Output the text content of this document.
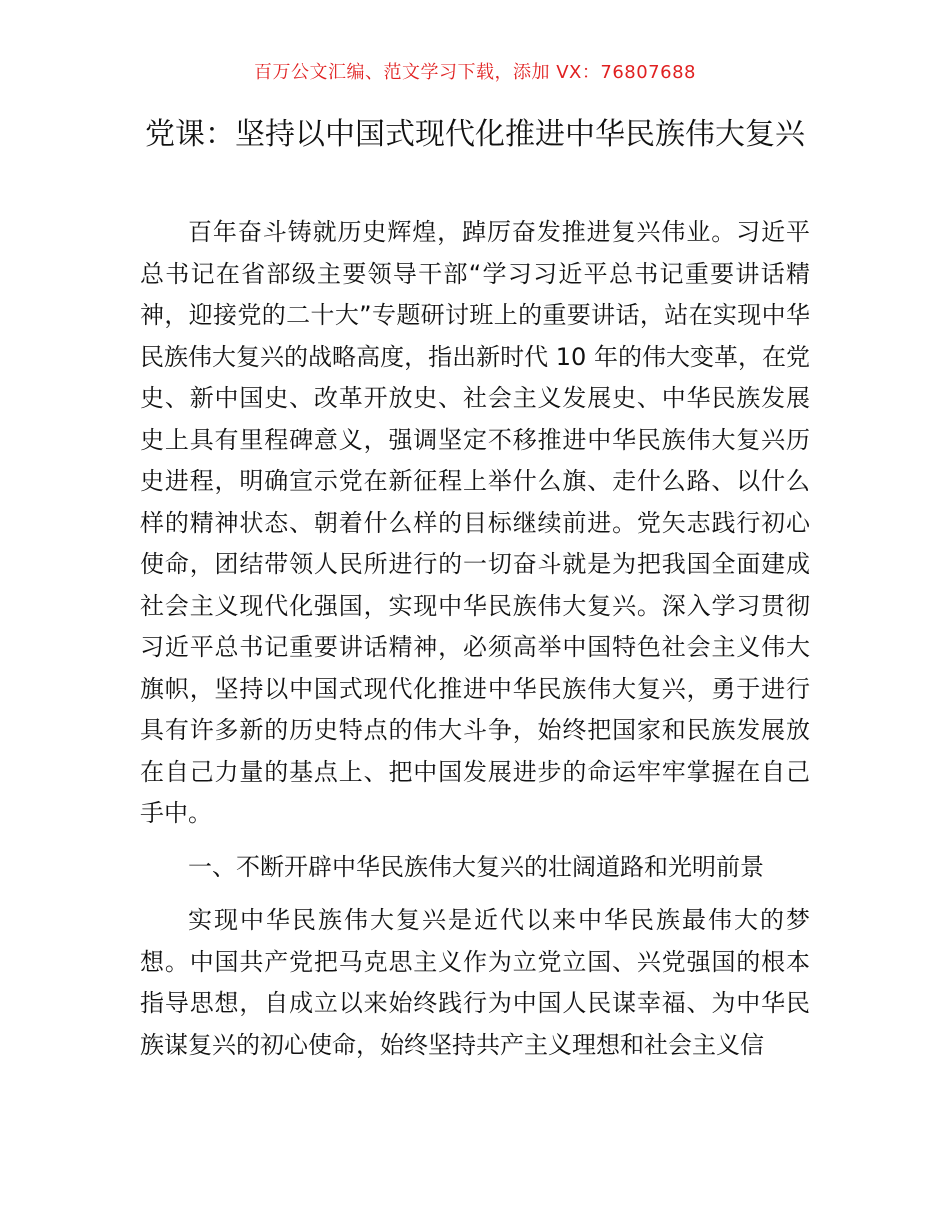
百万公文汇编、范文学习下载，添加 VX：76807688
党课：坚持以中国式现代化推进中华民族伟大复兴

百年奋斗铸就历史辉煌，踔厉奋发推进复兴伟业。习近平总书记在省部级主要领导干部“学习习近平总书记重要讲话精神，迎接党的二十大”专题研讨班上的重要讲话，站在实现中华民族伟大复兴的战略高度，指出新时代 10 年的伟大变革，在党史、新中国史、改革开放史、社会主义发展史、中华民族发展史上具有里程碑意义，强调坚定不移推进中华民族伟大复兴历史进程，明确宣示党在新征程上举什么旗、走什么路、以什么样的精神状态、朝着什么样的目标继续前进。党矢志践行初心使命，团结带领人民所进行的一切奋斗就是为把我国全面建成社会主义现代化强国，实现中华民族伟大复兴。深入学习贯彻习近平总书记重要讲话精神，必须高举中国特色社会主义伟大旗帜，坚持以中国式现代化推进中华民族伟大复兴，勇于进行具有许多新的历史特点的伟大斗争，始终把国家和民族发展放在自己力量的基点上、把中国发展进步的命运牢牢掌握在自己手中。

一、不断开辟中华民族伟大复兴的壮阔道路和光明前景

实现中华民族伟大复兴是近代以来中华民族最伟大的梦想。中国共产党把马克思主义作为立党立国、兴党强国的根本指导思想，自成立以来始终践行为中国人民谋幸福、为中华民族谋复兴的初心使命，始终坚持共产主义理想和社会主义信
